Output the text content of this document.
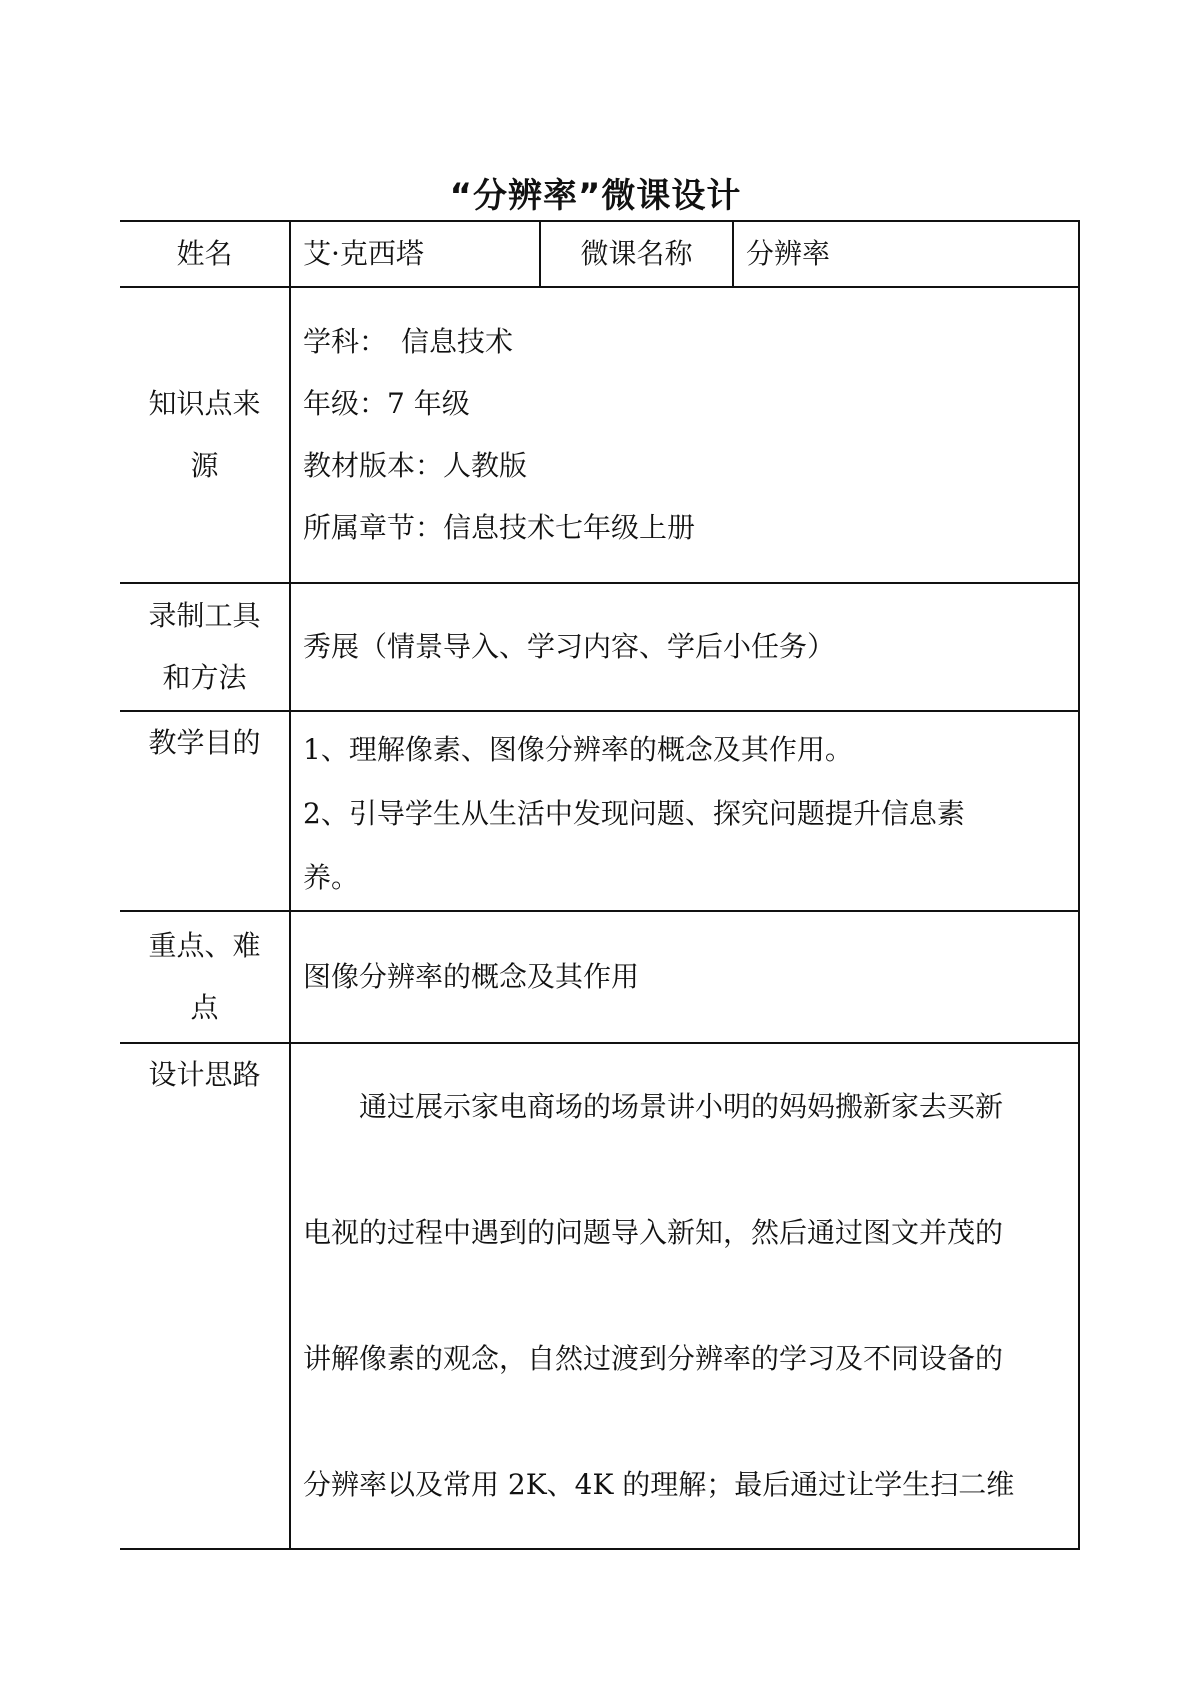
“分辨率”微课设计
姓名	艾·克西塔	微课名称	分辨率

知识点来
源	学科：　信息技术
年级：7 年级
教材版本：人教版
所属章节：信息技术七年级上册		

录制工具
和方法	秀展（情景导入、学习内容、学后小任务）		
教学目的	1、理解像素、图像分辨率的概念及其作用。
2、引导学生从生活中发现问题、探究问题提升信息素
养。		

重点、难
点	图像分辨率的概念及其作用		
设计思路	通过展示家电商场的场景讲小明的妈妈搬新家去买新
电视的过程中遇到的问题导入新知，然后通过图文并茂的
讲解像素的观念，自然过渡到分辨率的学习及不同设备的
分辨率以及常用 2K、4K 的理解；最后通过让学生扫二维		
